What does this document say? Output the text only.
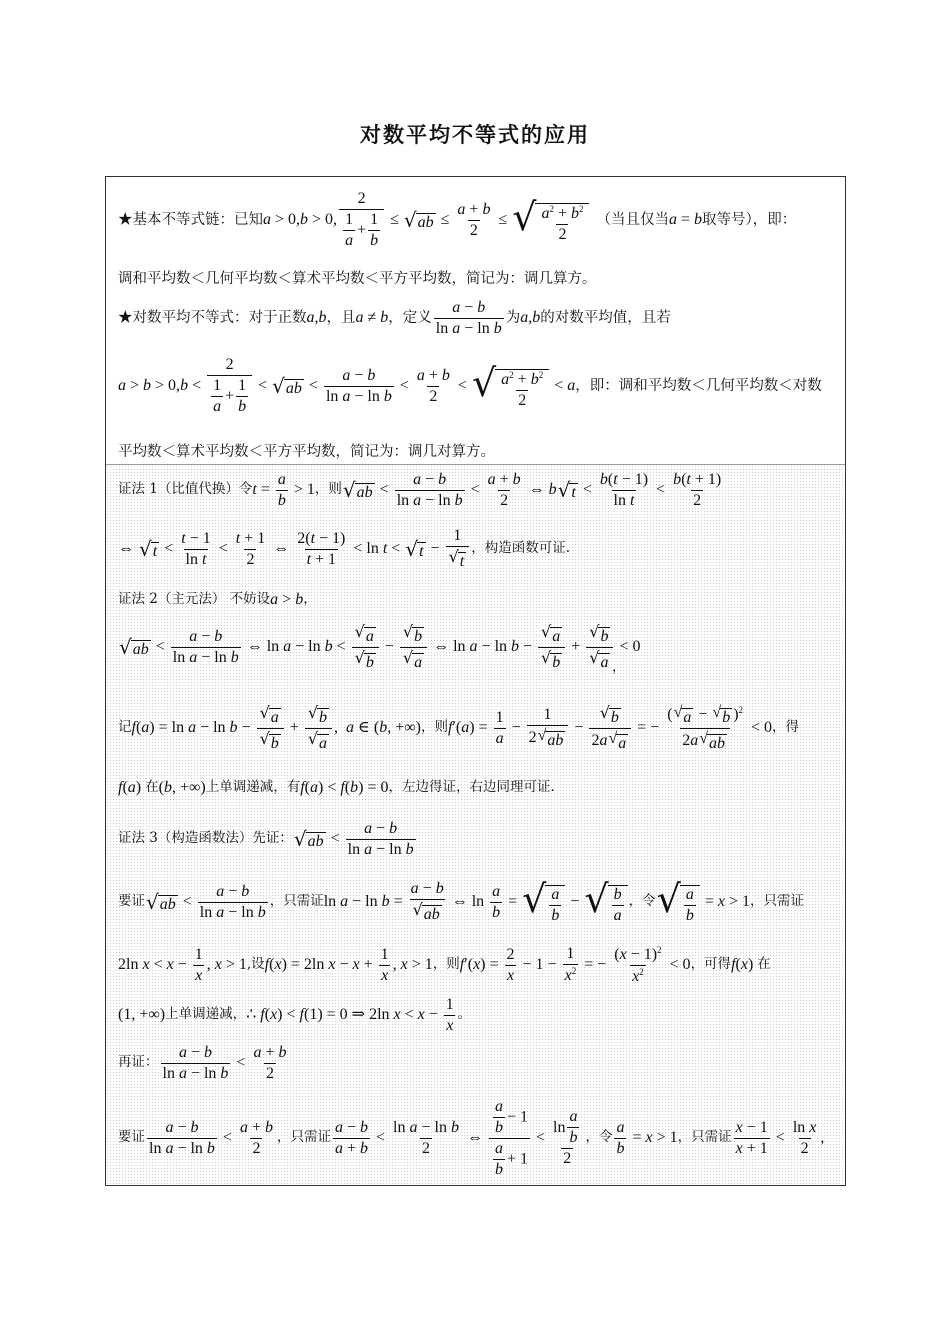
对数平均不等式的应用
★基本不等式链：已知 a > 0, b > 0, $\frac{2}{\frac{1}{a} + \frac{1}{b}}$ ≤ √ ab ≤ $\frac{a + b}{2}$ ≤ √ $\frac{a^2 + b^2}{2}$ （当且仅当 a = b 取等号），即：
调和平均数＜几何平均数＜算术平均数＜平方平均数，简记为：调几算方。
★对数平均不等式：对于正数 a , b ，且 a ≠ b ，定义
a − b
ln a − ln b
为 a , b 的对数平均值，且若
a > b > 0, b <
2
$\frac{1}{a} + \frac{1}{b}$ < √ ab <
a − b
ln a − ln b
<
a + b
2
< √ $\frac{a^2 + b^2}{2} < a$ ，即：调和平均数＜几何平均数＜对数
平均数＜算术平均数＜平方平均数，简记为：调几对算方。
证法 1（比值代换）令 $t = \frac{a}{b} > 1$ ，则 √ ab <
a − b
ln a − ln b
<
a + b
2
⇔ b √ t <
b(t − 1)
ln t
<
b(t + 1)
2
⇔ √ t <
t − 1
ln t
<
t + 1
2
⇔
2(t − 1)
t + 1
< ln t < √ $t - \frac{1}{√ t}$ ，构造函数可证.
证法 2（主元法） 不妨设 a > b ，
√ ab <
a − b
ln a − ln b
⇔ ln a − ln b <
√ a
√ b
− $\frac{√ b}{√ a}$ ⇔ $\ln a - \ln b - \frac{√ a}{√ b} + \frac{√ b}{√ a} < 0$
，
记 f ( a ) = $\ln a - \ln b - \frac{√ a}{√ b} + \frac{√ b}{√ a}$ , a ∈ ( b , +∞) ，则 f ′( a ) = $\frac{1}{a} - \frac{1}{2 √ ab} - \frac{√ b}{2a √ a}$ = − $\frac{( √ a - √ b )^2}{2a √ ab} < 0$ ，得
f ( a ) 在 ( b , +∞) 上单调递减，有 f ( a ) < f ( b ) = 0 ，左边得证，右边同理可证.
证法 3（构造函数法）先证： √ ab <
a − b
ln a − ln b
要证 √ ab <
a − b
ln a − ln b
，只需证 $\ln a - \ln b = \frac{a - b}{√ ab}$ ⇔ $\ln \frac{a}{b}$ = √ $\frac{a}{b}$ − √ $\frac{b}{a}$ ，令 √ $\frac{a}{b} = x > 1$ ，只需证
2ln $x < x - \frac{1}{x}$ , x > 1 ,设 f ( x ) = 2ln $x - x + \frac{1}{x}$ , x > 1 ，则 f ′( x ) = $\frac{2}{x} - 1 - \frac{1}{x^2}$ = − $\frac{(x - 1)^2}{x^2} < 0$ ，可得 f ( x ) 在
(1, +∞) 上单调递减， ∴ f ( x ) < f (1) = 0 ⇒ 2ln $x < x - \frac{1}{x}$ 。
再证：
a − b
ln a − ln b
<
a + b
2
要证
a − b
ln a − ln b
<
a + b
2
，只需证
a − b
a + b
<
ln a − ln b
2
⇔
$\frac{a}{b} - 1$
$\frac{a}{b} + 1$
<
ln
a
b
2
，令 $\frac{a}{b} = x > 1$ ，只需证
x − 1
x + 1
<
ln x
2
,
